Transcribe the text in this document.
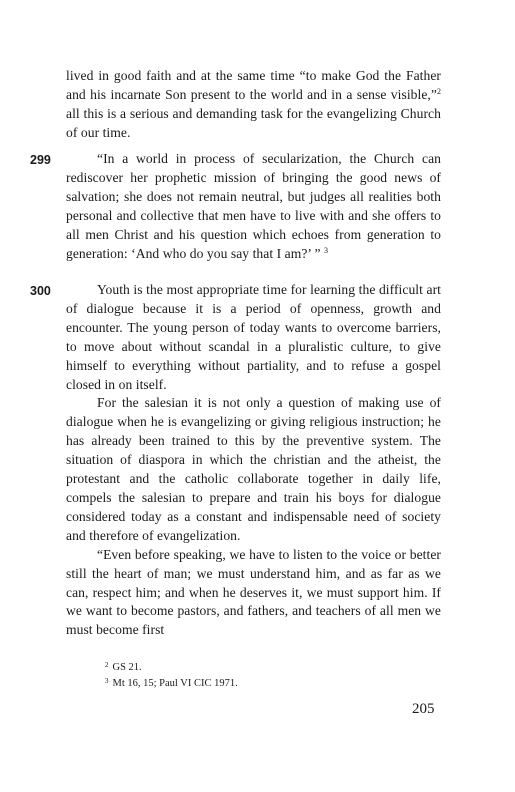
lived in good faith and at the same time “to make God the Father and his incarnate Son present to the world and in a sense visible,”$^2$ all this is a serious and demanding task for the evangelizing Church of our time.

299	“In a world in process of secularization, the Church can rediscover her prophetic mission of bringing the good news of salvation; she does not remain neutral, but judges all realities both personal and collective that men have to live with and she offers to all men Christ and his question which echoes from generation to generation: ‘And who do you say that I am?’ ” $^3$

300	Youth is the most appropriate time for learning the difficult art of dialogue because it is a period of openness, growth and encounter. The young person of today wants to overcome barriers, to move about without scandal in a pluralistic culture, to give himself to everything without partiality, and to refuse a gospel closed in on itself.

For the salesian it is not only a question of making use of dialogue when he is evangelizing or giving religious instruction; he has already been trained to this by the preventive system. The situation of diaspora in which the christian and the atheist, the protestant and the catholic collaborate together in daily life, compels the salesian to prepare and train his boys for dialogue considered today as a constant and indispensable need of society and therefore of evangelization.

“Even before speaking, we have to listen to the voice or better still the heart of man; we must understand him, and as far as we can, respect him; and when he deserves it, we must support him. If we want to become pastors, and fathers, and teachers of all men we must become first

$^2$ GS 21.
$^3$ Mt 16, 15; Paul VI CIC 1971.
205
